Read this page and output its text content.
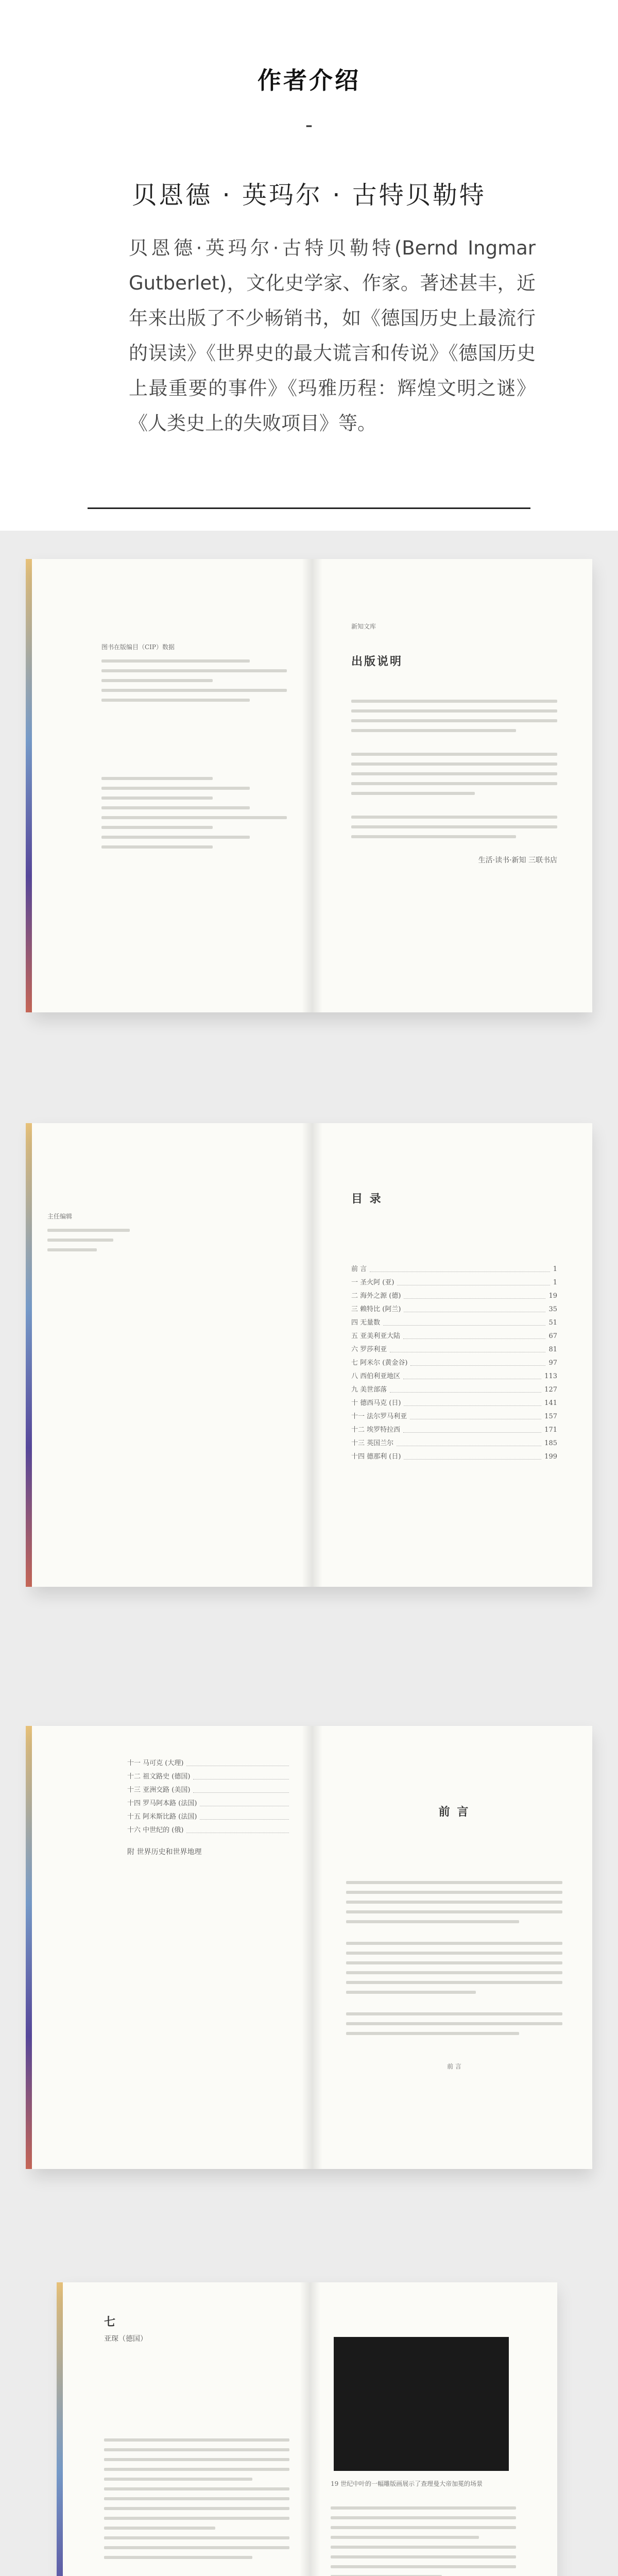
作者介绍
-
贝恩德 · 英玛尔 · 古特贝勒特
贝恩德·英玛尔·古特贝勒特(Bernd Ingmar Gutberlet)，文化史学家、作家。著述甚丰，近年来出版了不少畅销书，如《德国历史上最流行的误读》《世界史的最大谎言和传说》《德国历史上最重要的事件》《玛雅历程：辉煌文明之谜》《人类史上的失败项目》等。
图书在版编目（CIP）数据
新知文库
出版说明
生活·读书·新知 三联书店
主任编辑
目 录
前 言	1
一 圣火阿 (亚)	1
二 海外之源 (德)	19
三 赖特比 (阿兰)	35
四 无量数	51
五 亚美利亚大陆	67
六 罗莎利亚	81
七 阿米尔 (黄金谷)	97
八 西伯利亚地区	113
九 美世部落	127
十 德西马克 (日)	141
十一 法尔罗马利亚	157
十二 埃罗特拉西	171
十三 英国兰尔	185
十四 德那利 (日)	199
十一 马可克 (大理)
十二 祖文路史 (德国)
十三 亚洲交路 (美国)
十四 罗马阿本路 (法国)
十五 阿米斯比路 (法国)
十六 中世纪的 (俄)
附 世界历史和世界地理
前 言
前 言
七
亚琛（德国）
19 世纪中叶的一幅雕版画展示了查理曼大帝加冕的场景
